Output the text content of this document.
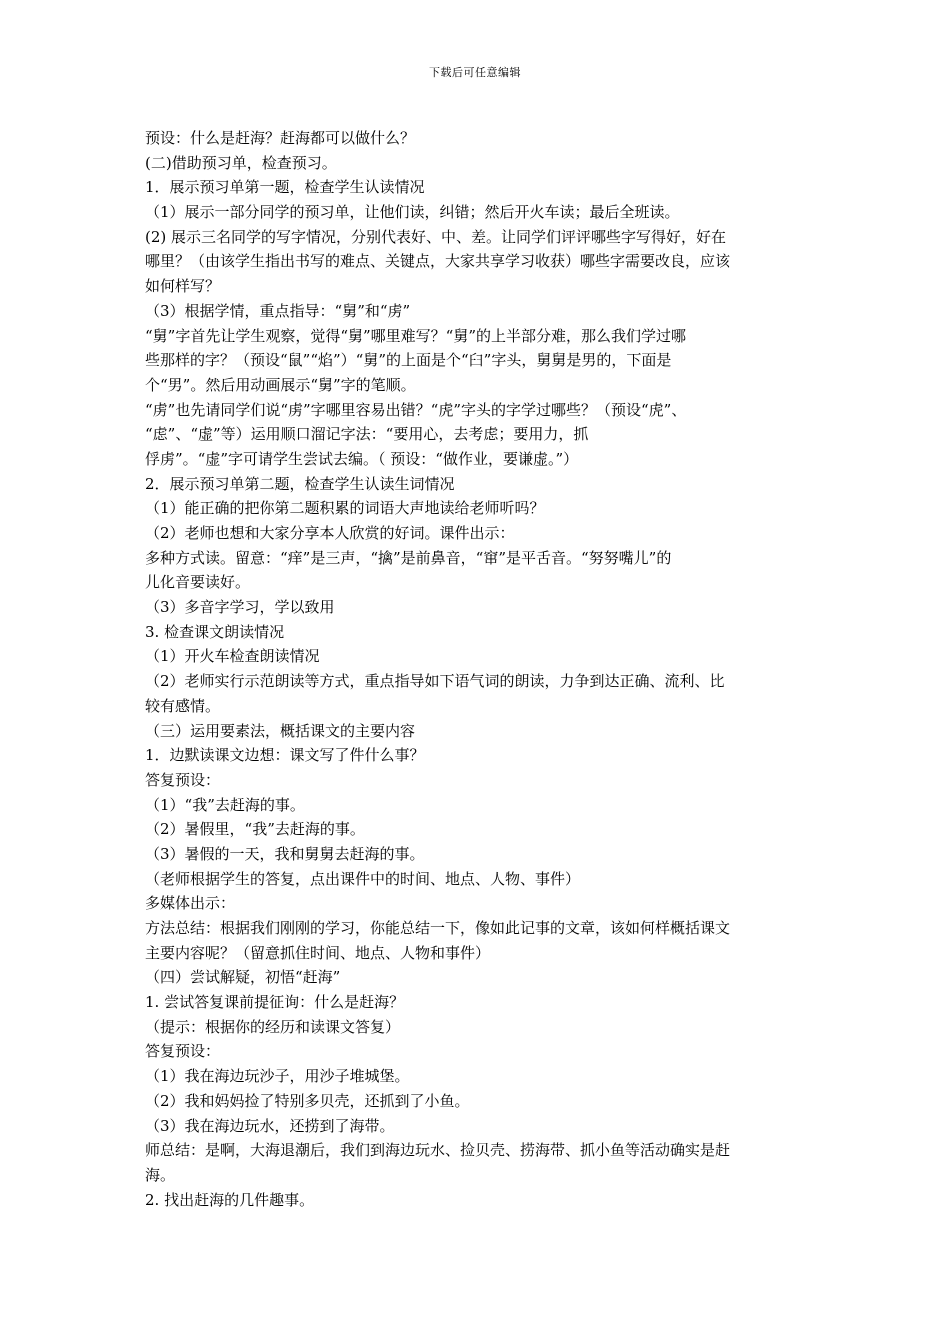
下载后可任意编辑
预设：什么是赶海？赶海都可以做什么？
(二)借助预习单，检查预习。
1．展示预习单第一题，检查学生认读情况
（1）展示一部分同学的预习单，让他们读，纠错；然后开火车读；最后全班读。
(2) 展示三名同学的写字情况，分别代表好、中、差。让同学们评评哪些字写得好，好在
哪里？（由该学生指出书写的难点、关键点，大家共享学习收获）哪些字需要改良，应该
如何样写？
（3）根据学情，重点指导：“舅”和“虏”
“舅”字首先让学生观察，觉得“舅”哪里难写？“舅”的上半部分难，那么我们学过哪
些那样的字？（预设“鼠”“焰”）“舅”的上面是个“臼”字头，舅舅是男的，下面是
个“男”。然后用动画展示“舅”字的笔顺。
“虏”也先请同学们说“虏”字哪里容易出错？“虎”字头的字学过哪些？（预设“虎”、
“虑”、“虚”等）运用顺口溜记字法：“要用心，去考虑；要用力，抓
俘虏”。“虚”字可请学生尝试去编。（ 预设：“做作业，要谦虚。”）
2．展示预习单第二题，检查学生认读生词情况
（1）能正确的把你第二题积累的词语大声地读给老师听吗？
（2）老师也想和大家分享本人欣赏的好词。课件出示：
多种方式读。留意：“痒”是三声，“擒”是前鼻音，“窜”是平舌音。“努努嘴儿”的
儿化音要读好。
（3）多音字学习，学以致用
3. 检查课文朗读情况
（1）开火车检查朗读情况
（2）老师实行示范朗读等方式，重点指导如下语气词的朗读，力争到达正确、流利、比
较有感情。
（三）运用要素法，概括课文的主要内容
1．边默读课文边想：课文写了件什么事？
答复预设：
（1）“我”去赶海的事。
（2）暑假里，“我”去赶海的事。
（3）暑假的一天，我和舅舅去赶海的事。
（老师根据学生的答复，点出课件中的时间、地点、人物、事件）
多媒体出示：
方法总结：根据我们刚刚的学习，你能总结一下，像如此记事的文章，该如何样概括课文
主要内容呢？（留意抓住时间、地点、人物和事件）
（四）尝试解疑，初悟“赶海”
1. 尝试答复课前提征询：什么是赶海？
（提示：根据你的经历和读课文答复）
答复预设：
（1）我在海边玩沙子，用沙子堆城堡。
（2）我和妈妈捡了特别多贝壳，还抓到了小鱼。
（3）我在海边玩水，还捞到了海带。
师总结：是啊，大海退潮后，我们到海边玩水、捡贝壳、捞海带、抓小鱼等活动确实是赶
海。
2. 找出赶海的几件趣事。
